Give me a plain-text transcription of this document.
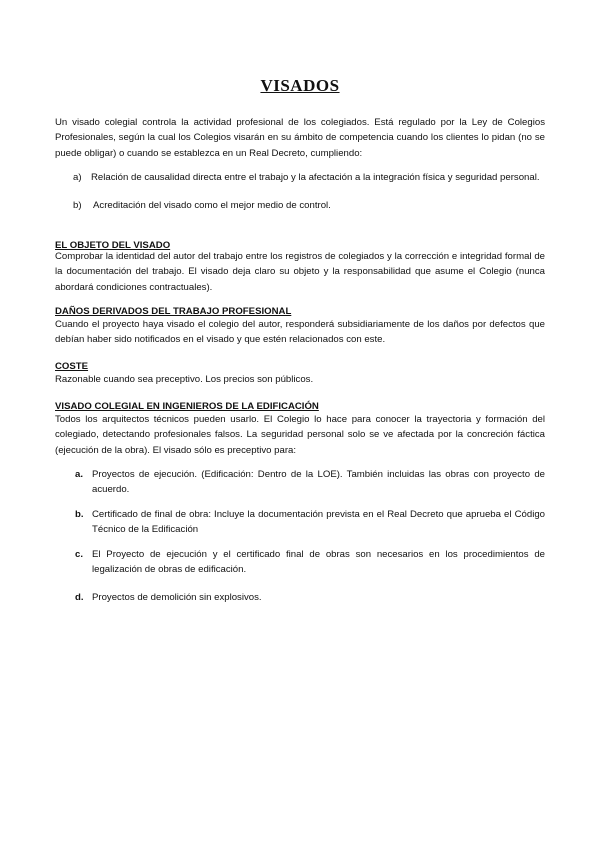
VISADOS
Un visado colegial controla la actividad profesional de los colegiados. Está regulado por la Ley de Colegios Profesionales, según la cual los Colegios visarán en su ámbito de competencia cuando los clientes lo pidan (no se puede obligar) o cuando se establezca en un Real Decreto, cumpliendo:
a) Relación de causalidad directa entre el trabajo y la afectación a la integración física y seguridad personal.
b) Acreditación del visado como el mejor medio de control.
EL OBJETO DEL VISADO
Comprobar la identidad del autor del trabajo entre los registros de colegiados y la corrección e integridad formal de la documentación del trabajo. El visado deja claro su objeto y la responsabilidad que asume el Colegio (nunca abordará condiciones contractuales).
DAÑOS DERIVADOS DEL TRABAJO PROFESIONAL
Cuando el proyecto haya visado el colegio del autor, responderá subsidiariamente de los daños por defectos que debían haber sido notificados en el visado y que estén relacionados con este.
COSTE
Razonable cuando sea preceptivo. Los precios son públicos.
VISADO COLEGIAL EN INGENIEROS DE LA EDIFICACIÓN
Todos los arquitectos técnicos pueden usarlo. El Colegio lo hace para conocer la trayectoria y formación del colegiado, detectando profesionales falsos. La seguridad personal solo se ve afectada por la concreción fáctica (ejecución de la obra). El visado sólo es preceptivo para:
a. Proyectos de ejecución. (Edificación: Dentro de la LOE). También incluidas las obras con proyecto de acuerdo.
b. Certificado de final de obra: Incluye la documentación prevista en el Real Decreto que aprueba el Código Técnico de la Edificación
c. El Proyecto de ejecución y el certificado final de obras son necesarios en los procedimientos de legalización de obras de edificación.
d. Proyectos de demolición sin explosivos.
